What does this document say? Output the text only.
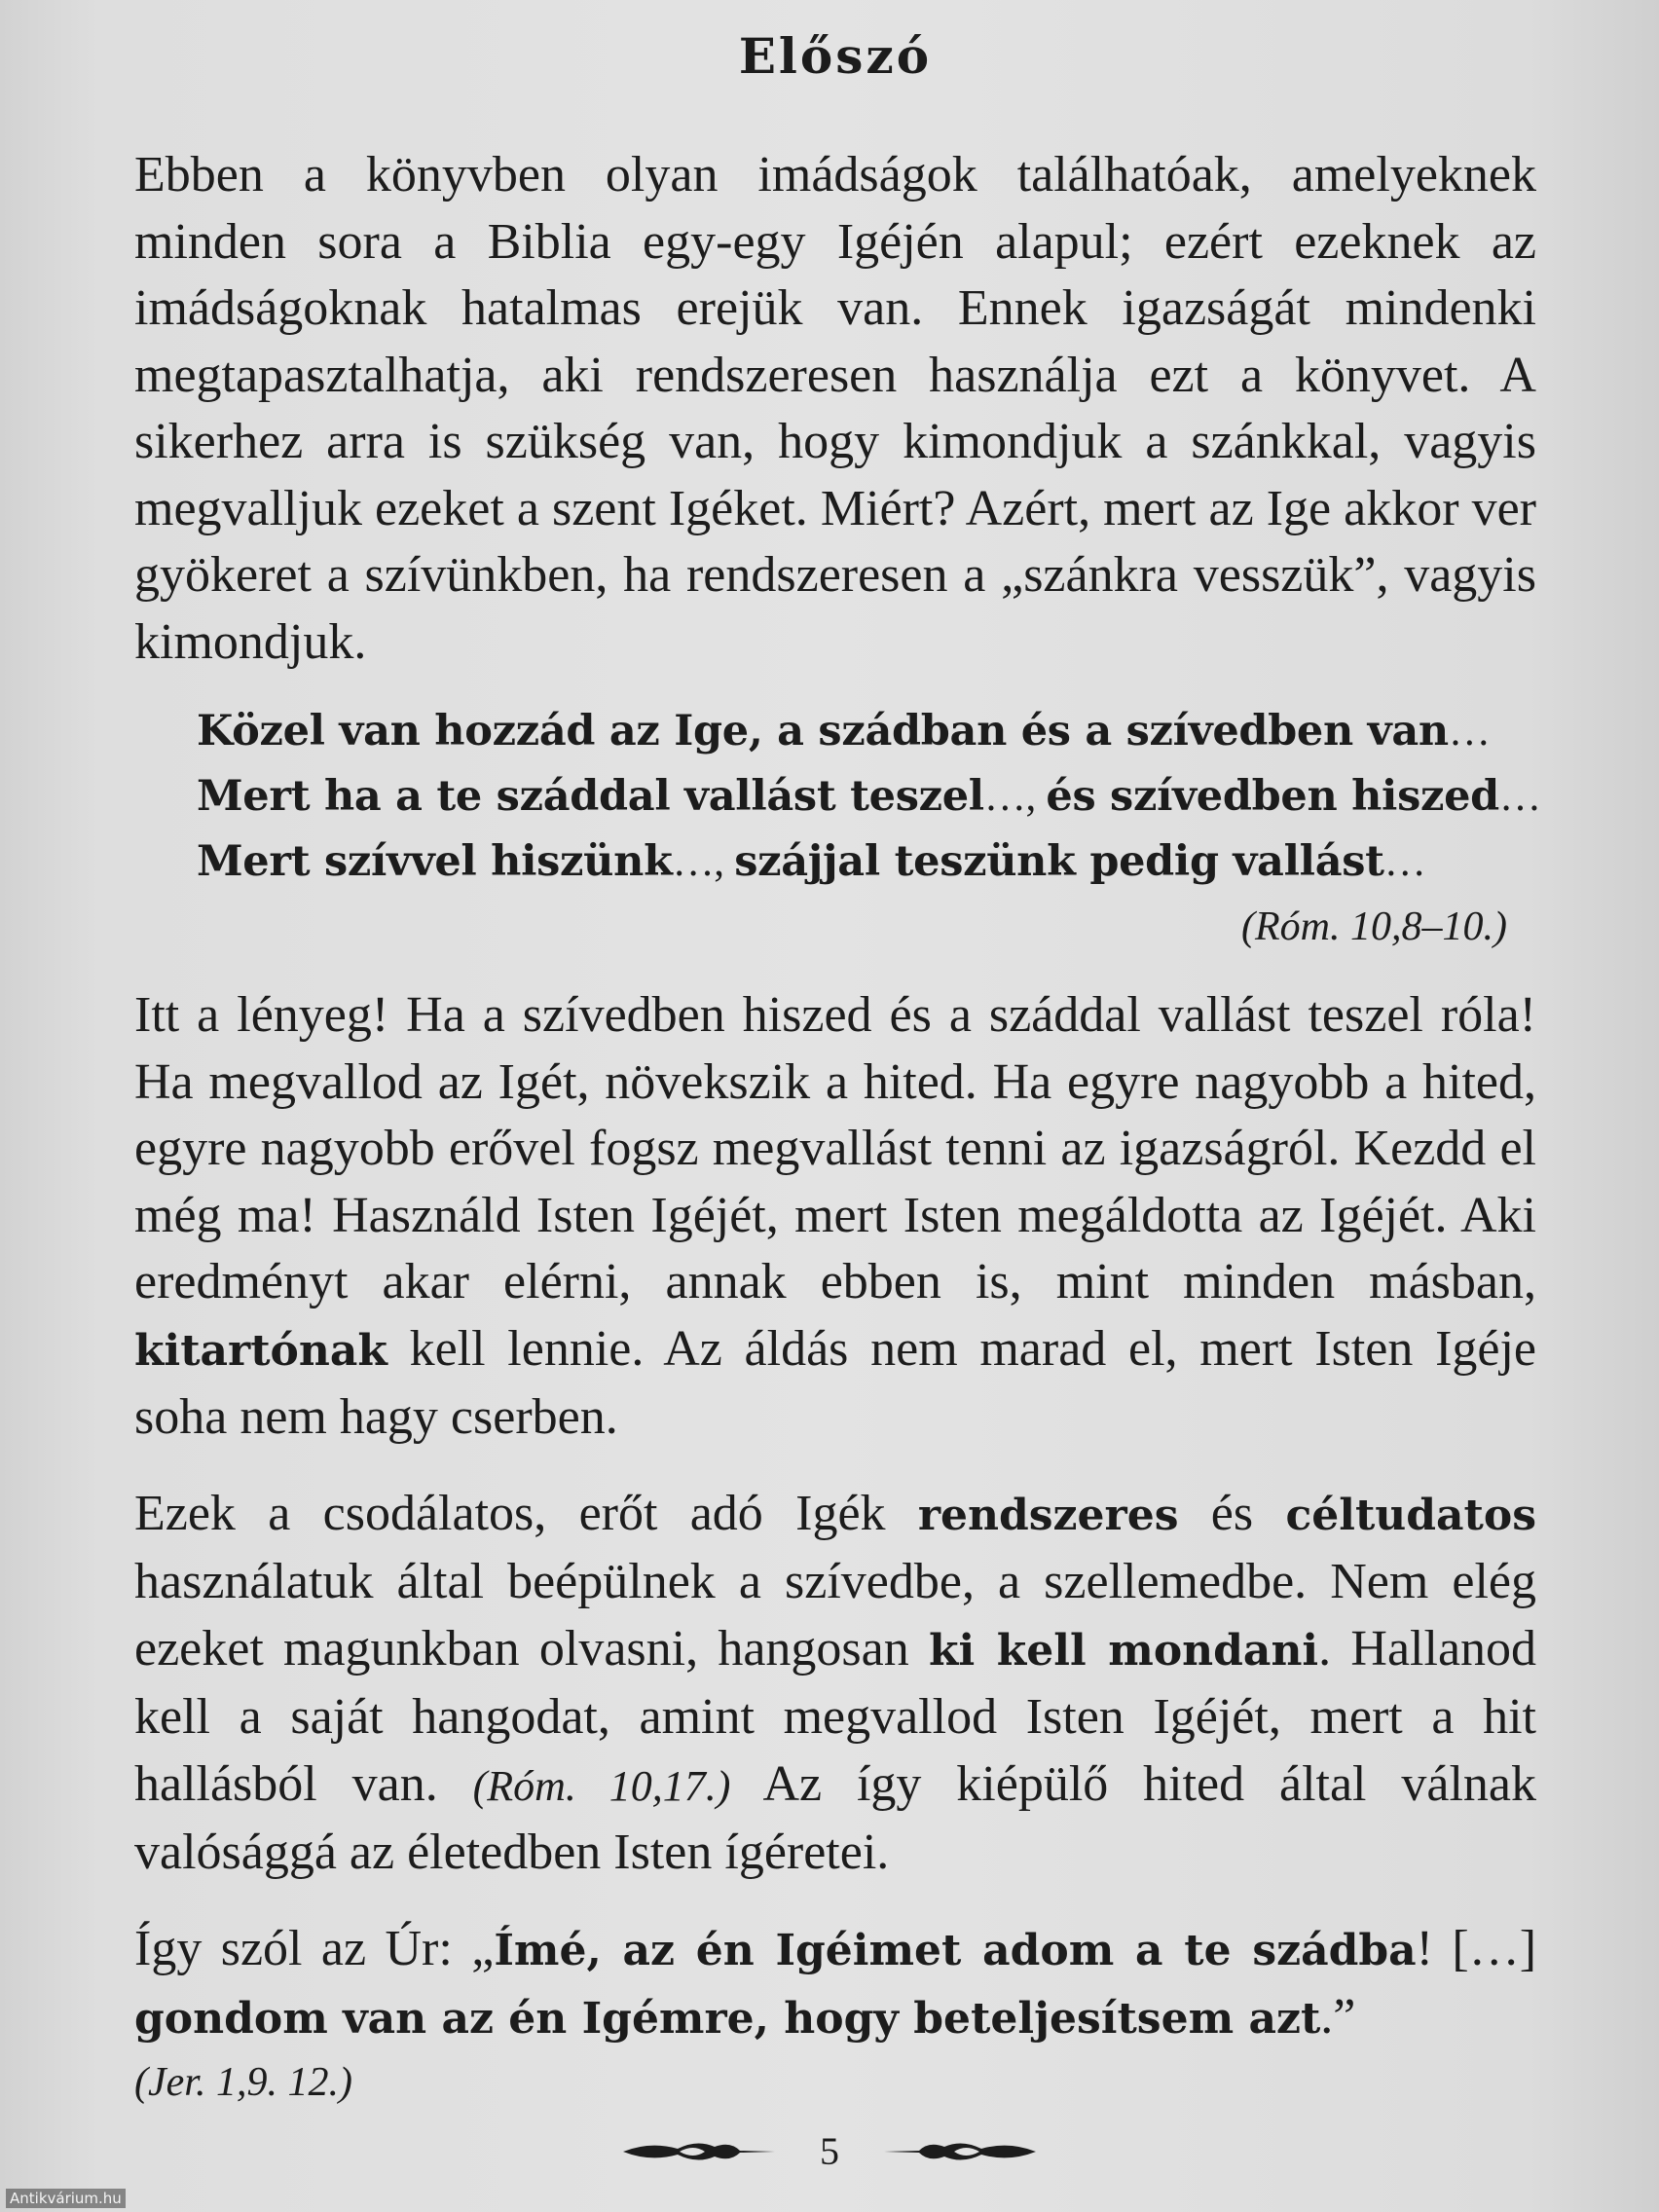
Előszó

Ebben a könyvben olyan imádságok találhatóak, amelyeknek minden sora a Biblia egy-egy Igéjén alapul; ezért ezeknek az imádságoknak hatalmas erejük van. Ennek igazságát mindenki megtapasztalhatja, aki rendszeresen használja ezt a könyvet. A sikerhez arra is szükség van, hogy kimondjuk a szánkkal, vagyis megvalljuk ezeket a szent Igéket. Miért? Azért, mert az Ige akkor ver gyökeret a szívünkben, ha rendszeresen a „szánkra vesszük”, vagyis kimondjuk.

Közel van hozzád az Ige, a szádban és a szívedben van…
Mert ha a te száddal vallást teszel…, és szívedben hiszed…
Mert szívvel hiszünk…, szájjal teszünk pedig vallást…
(Róm. 10,8–10.)

Itt a lényeg! Ha a szívedben hiszed és a száddal vallást teszel róla! Ha megvallod az Igét, növekszik a hited. Ha egyre nagyobb a hited, egyre nagyobb erővel fogsz megvallást tenni az igazságról. Kezdd el még ma! Használd Isten Igéjét, mert Isten megáldotta az Igéjét. Aki eredményt akar elérni, annak ebben is, mint minden másban, kitartónak kell lennie. Az áldás nem marad el, mert Isten Igéje soha nem hagy cserben.

Ezek a csodálatos, erőt adó Igék rendszeres és céltudatos használatuk által beépülnek a szívedbe, a szellemedbe. Nem elég ezeket magunkban olvasni, hangosan ki kell mondani. Hallanod kell a saját hangodat, amint megvallod Isten Igéjét, mert a hit hallásból van. (Róm. 10,17.) Az így kiépülő hited által válnak valósággá az életedben Isten ígéretei.

Így szól az Úr: „Ímé, az én Igéimet adom a te szádba! […] gondom van az én Igémre, hogy beteljesítsem azt.”

(Jer. 1,9. 12.)

5
Antikvárium.hu
